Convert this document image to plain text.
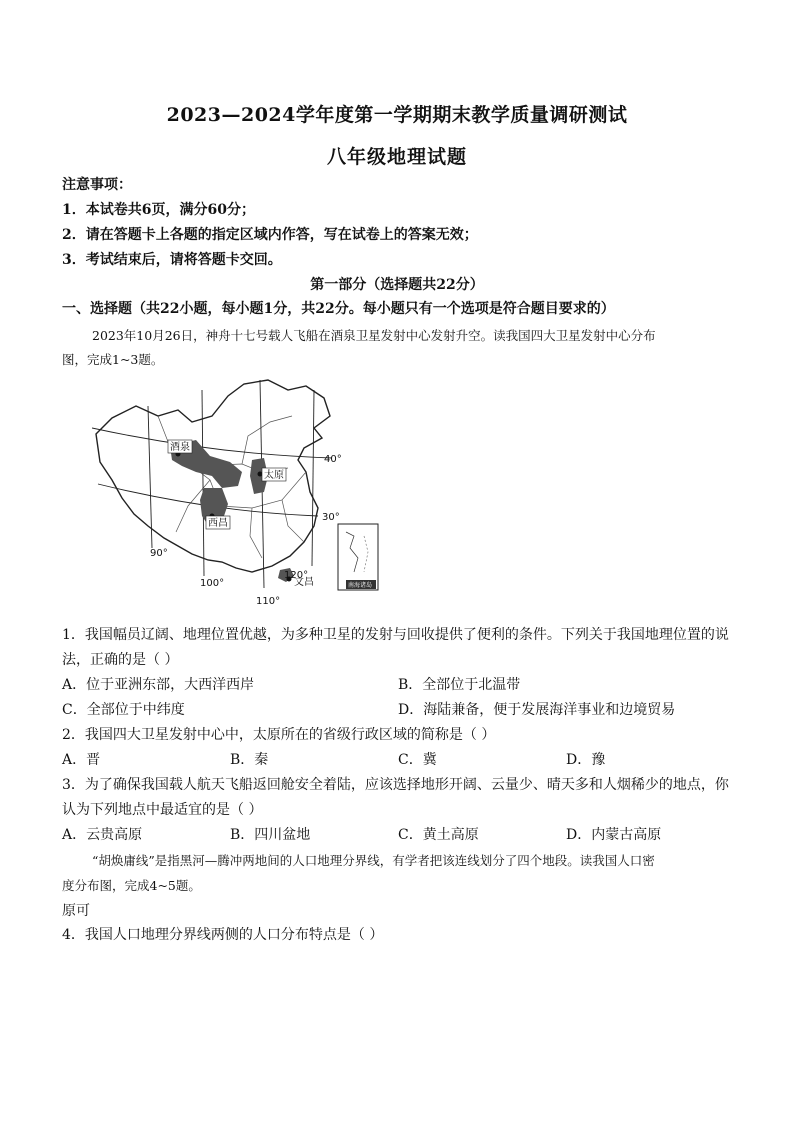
2023—2024学年度第一学期期末教学质量调研测试
八年级地理试题
注意事项：
1．本试卷共6页，满分60分；
2．请在答题卡上各题的指定区域内作答，写在试卷上的答案无效；
3．考试结束后，请将答题卡交回。
第一部分（选择题共22分）
一、选择题（共22小题，每小题1分，共22分。每小题只有一个选项是符合题目要求的）
2023年10月26日，神舟十七号载人飞船在酒泉卫星发射中心发射升空。读我国四大卫星发射中心分布
图，完成1~3题。
酒泉
太原
西昌
文昌
40°
30°
90°
100°
110°
120°
南海诸岛
1．我国幅员辽阔、地理位置优越，为多种卫星的发射与回收提供了便利的条件。下列关于我国地理位置的说
法，正确的是（ ）
A．位于亚洲东部，大西洋西岸	B．全部位于北温带
C．全部位于中纬度	D．海陆兼备，便于发展海洋事业和边境贸易
2．我国四大卫星发射中心中，太原所在的省级行政区域的简称是（ ）
A．晋	B．秦	C．冀	D．豫
3．为了确保我国载人航天飞船返回舱安全着陆，应该选择地形开阔、云量少、晴天多和人烟稀少的地点，你
认为下列地点中最适宜的是（ ）
A．云贵高原	B．四川盆地	C．黄土高原	D．内蒙古高原
“胡焕庸线”是指黑河—腾冲两地间的人口地理分界线，有学者把该连线划分了四个地段。读我国人口密
度分布图，完成4~5题。
原可
4．我国人口地理分界线两侧的人口分布特点是（ ）
